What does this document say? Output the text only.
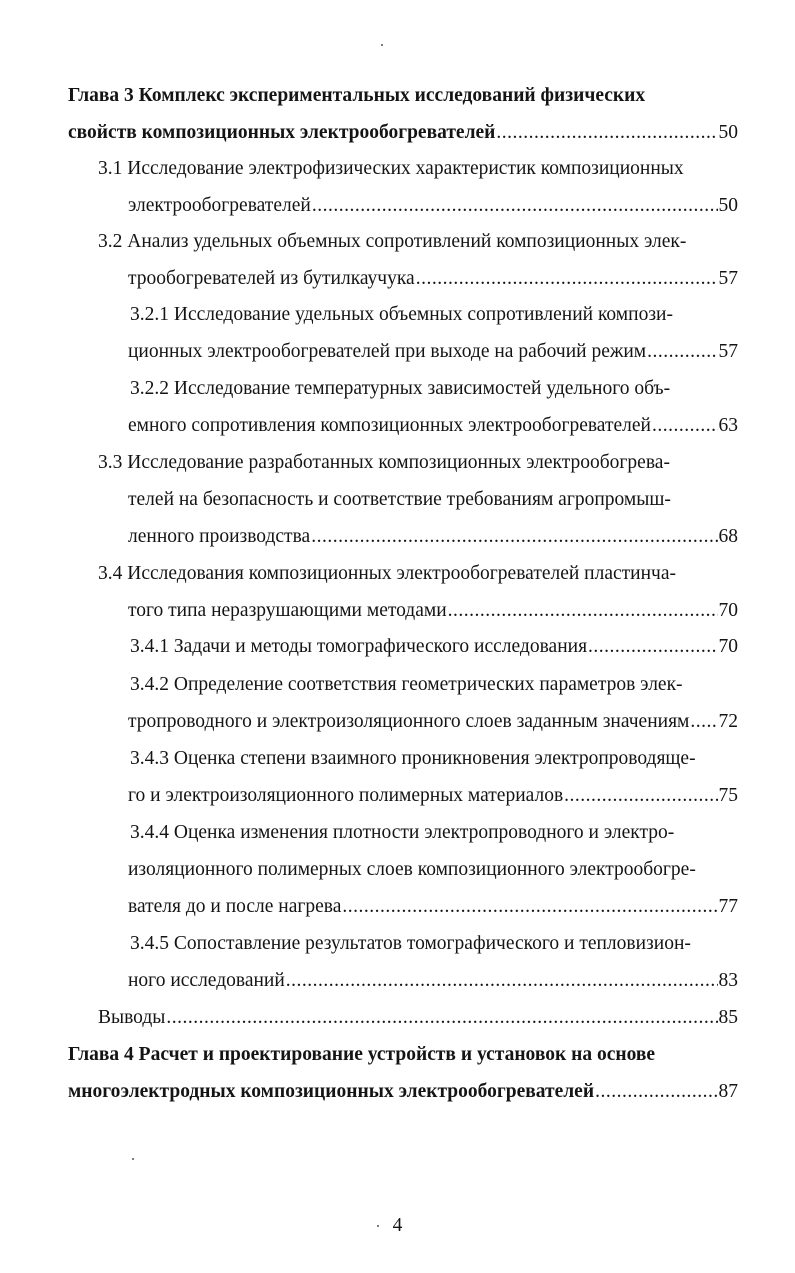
Глава 3 Комплекс экспериментальных исследований физических
свойств композиционных электрообогревателей .....	50
3.1 Исследование электрофизических характеристик композиционных
электрообогревателей .....	50
3.2 Анализ удельных объемных сопротивлений композиционных элек-
трообогревателей из бутилкаучука .....	57
3.2.1 Исследование удельных объемных сопротивлений компози-
ционных электрообогревателей при выходе на рабочий режим .....	57
3.2.2 Исследование температурных зависимостей удельного объ-
емного сопротивления композиционных электрообогревателей .....	63
3.3 Исследование разработанных композиционных электрообогрева-
телей на безопасность и соответствие требованиям агропромыш-
ленного производства .....	68
3.4 Исследования композиционных электрообогревателей пластинча-
того типа неразрушающими методами .....	70
3.4.1 Задачи и методы томографического исследования .....	70
3.4.2 Определение соответствия геометрических параметров элек-
тропроводного и электроизоляционного слоев заданным значениям ..... 72
3.4.3 Оценка степени взаимного проникновения электропроводяще-
го и электроизоляционного полимерных материалов .....	75
3.4.4 Оценка изменения плотности электропроводного и электро-
изоляционного полимерных слоев композиционного электрообогре-
вателя до и после нагрева .....	77
3.4.5 Сопоставление результатов томографического и тепловизион-
ного исследований .....	83
Выводы .....	85
Глава 4 Расчет и проектирование устройств и установок на основе
многоэлектродных композиционных электрообогревателей .....	87
4
